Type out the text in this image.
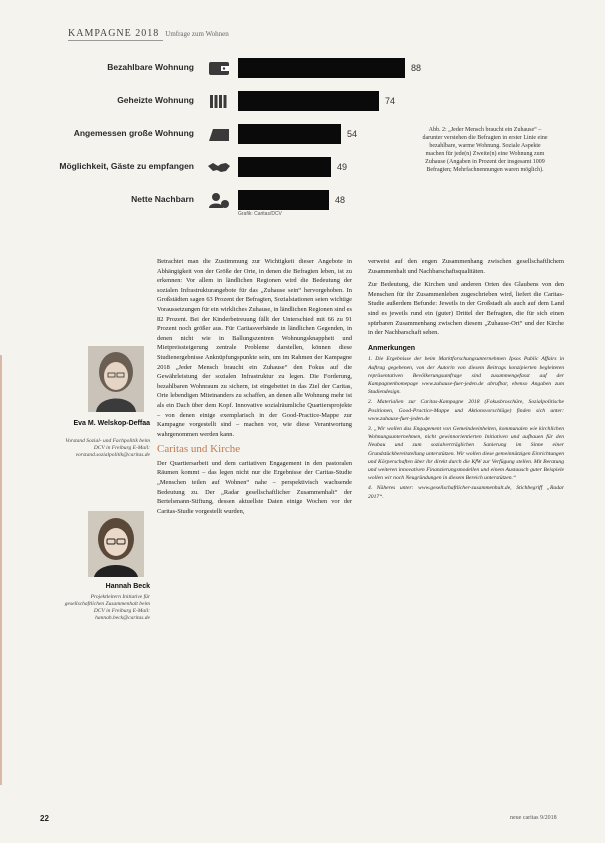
KAMPAGNE 2018 Umfrage zum Wohnen
Bezahlbare Wohnung	88
Geheizte Wohnung	74
Angemessen große Wohnung	54
Möglichkeit, Gäste zu empfangen	49
Nette Nachbarn	48
Grafik: Caritas/DCV
Abb. 2: „Jeder Mensch braucht ein Zuhause“ – darunter verstehen die Befragten in erster Linie eine bezahlbare, warme Wohnung. Soziale Aspekte machen für jede(n) Zweite(n) eine Wohnung zum Zuhause (Angaben in Prozent der insgesamt 1009 Befragten; Mehrfachnennungen waren möglich).
Eva M. Welskop-Deffaa
Vorstand Sozial- und Fachpolitik beim DCV in Freiburg E-Mail: vorstand.sozialpolitik@caritas.de
Hannah Beck
Projektleitern Initiative für gesellschaftlichen Zusammenhalt beim DCV in Freiburg E-Mail: hannah.beck@caritas.de

Betrachtet man die Zustimmung zur Wichtigkeit dieser Angebote in Abhängigkeit von der Größe der Orte, in denen die Befragten leben, ist zu erkennen: Vor allem in ländlichen Regionen wird die Bedeutung der sozialen Infrastrukturangebote für das „Zuhause sein“ hervorgehoben. In Großstädten sagen 63 Prozent der Befragten, Sozialstationen seien wichtige Voraussetzungen für ein wirkliches Zuhause, in ländlichen Regionen sind es 82 Prozent. Bei der Kinderbetreuung fällt der Unterschied mit 66 zu 91 Prozent noch größer aus. Für Caritasverbände in ländlichen Gegenden, in denen nicht wie in Ballungszentren Wohnungsknappheit und Mietpreissteigerung zentrale Probleme darstellen, können diese Studienergebnisse Anknüpfungspunkte sein, um im Rahmen der Kampagne 2018 „Jeder Mensch braucht ein Zuhause“ den Fokus auf die Gewährleistung der sozialen Infrastruktur zu legen. Die Forderung, bezahlbaren Wohnraum zu sichern, ist eingebettet in das Ziel der Caritas, Orte lebendigen Miteinanders zu schaffen, an denen alle Wohnung mehr ist als ein Dach über dem Kopf. Innovative sozialräumliche Quartiersprojekte – von denen einige exemplarisch in der Good-Practice-Mappe zur Kampagne vorgestellt sind – machen vor, wie diese Verantwortung wahrgenommen werden kann.

Caritas und Kirche

Der Quartiersarbeit und dem caritativen Engagement in den pastoralen Räumen kommt – das legen nicht nur die Ergebnisse der Caritas-Studie „Menschen teilen auf Wohnen“ nahe – perspektivisch wachsende Bedeutung zu. Der „Radar gesellschaftlicher Zusammenhalt“ der Bertelsmann-Stiftung, dessen aktuellste Daten einige Wochen vor der Caritas-Studie vorgestellt wurden,

verweist auf den engen Zusammenhang zwischen gesellschaftlichem Zusammenhalt und Nachbarschaftsqualitäten.

Zur Bedeutung, die Kirchen und anderen Orten des Glaubens von den Menschen für ihr Zusammenleben zugeschrieben wird, liefert die Caritas-Studie außerdem Befunde: Jeweils in der Großstadt als auch auf dem Land sind es jeweils rund ein (guter) Drittel der Befragten, die für sich einen spürbaren Zusammenhang zwischen diesem „Zuhause-Ort“ und der Kirche in der Nachbarschaft sehen.

Anmerkungen

1. Die Ergebnisse der beim Marktforschungsunternehmen Ipsos Public Affairs in Auftrag gegebenen, von der Autorin von diesem Beitrags konzipierten begleiteten repräsentativen Bevölkerungsumfrage sind zusammengefasst auf der Kampagnenhomepage www.zuhause-fuer-jeden.de abrufbar, ebenso Angaben zum Studiendesign.

2. Materialien zur Caritas-Kampagne 2018 (Fokusbroschüre, Sozialpolitische Positionen, Good-Practice-Mappe und Aktionsvorschläge) finden sich unter: www.zuhause-fuer-jeden.de

3. „Wir wollen das Engagement von Gemeindeeinheiten, kommunalen wie kirchlichen Wohnungsunternehmen, nicht gewinnorientierten Initiativen und aufbauen für den Neubau und zum sozialverträglichen Sanierung im Sinne einer Grundstückbereitstellung unterstützen. Wir wollen diese gemeinnützigen Einrichtungen und Körperschaften über ihr direkt durch die KfW zur Verfügung stellen. Mit Beratung und weiteren innovativen Finanzierungsmodellen und einem Austausch guter Beispiele wollen wir noch Neugründungen in diesem Bereich unterstützen.“

4. Näheres unter: www.gesellschaftlicher-zusammenhalt.de, Stichbegriff „Radar 2017“.

22	neue caritas 9/2018
